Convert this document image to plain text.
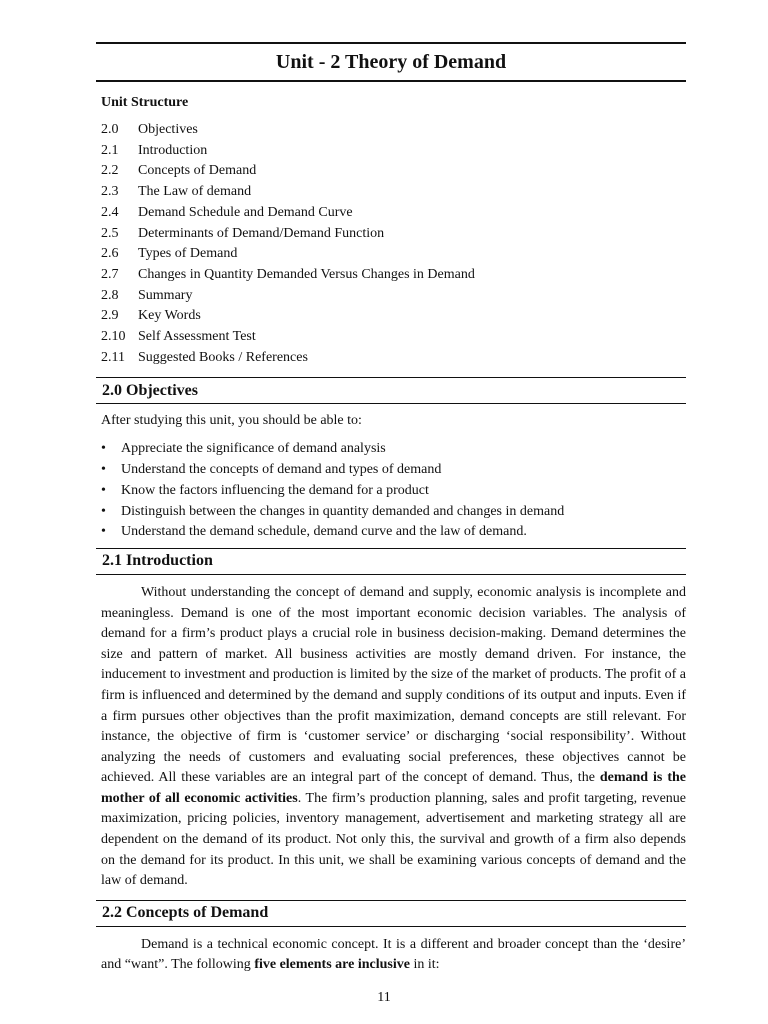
Unit - 2 Theory of Demand
Unit Structure
2.0	Objectives
2.1	Introduction
2.2	Concepts of Demand
2.3	The Law of demand
2.4	Demand Schedule and Demand Curve
2.5	Determinants of Demand/Demand Function
2.6	Types of Demand
2.7	Changes in Quantity Demanded Versus Changes in Demand
2.8	Summary
2.9	Key Words
2.10 Self Assessment Test
2.11 Suggested Books / References
2.0 Objectives
After studying this unit, you should be able to:
•	Appreciate the significance of demand analysis
•	Understand the concepts of demand and types of demand
•	Know the factors influencing the demand for a product
•	Distinguish between the changes in quantity demanded and changes in demand
•	Understand the demand schedule, demand curve and the law of demand.
2.1 Introduction

Without understanding the concept of demand and supply, economic analysis is incomplete and meaningless. Demand is one of the most important economic decision variables. The analysis of demand for a firm’s product plays a crucial role in business decision-making. Demand determines the size and pattern of market. All business activities are mostly demand driven. For instance, the inducement to investment and production is limited by the size of the market of products. The profit of a firm is influenced and determined by the demand and supply conditions of its output and inputs. Even if a firm pursues other objectives than the profit maximization, demand concepts are still relevant. For instance, the objective of firm is ‘customer service’ or discharging ‘social responsibility’. Without analyzing the needs of customers and evaluating social preferences, these objectives cannot be achieved. All these variables are an integral part of the concept of demand. Thus, the demand is the mother of all economic activities. The firm’s production planning, sales and profit targeting, revenue maximization, pricing policies, inventory management, advertisement and marketing strategy all are dependent on the demand of its product. Not only this, the survival and growth of a firm also depends on the demand for its product. In this unit, we shall be examining various concepts of demand and the law of demand.

2.2 Concepts of Demand

Demand is a technical economic concept. It is a different and broader concept than the ‘desire’ and “want”. The following five elements are inclusive in it:

11
